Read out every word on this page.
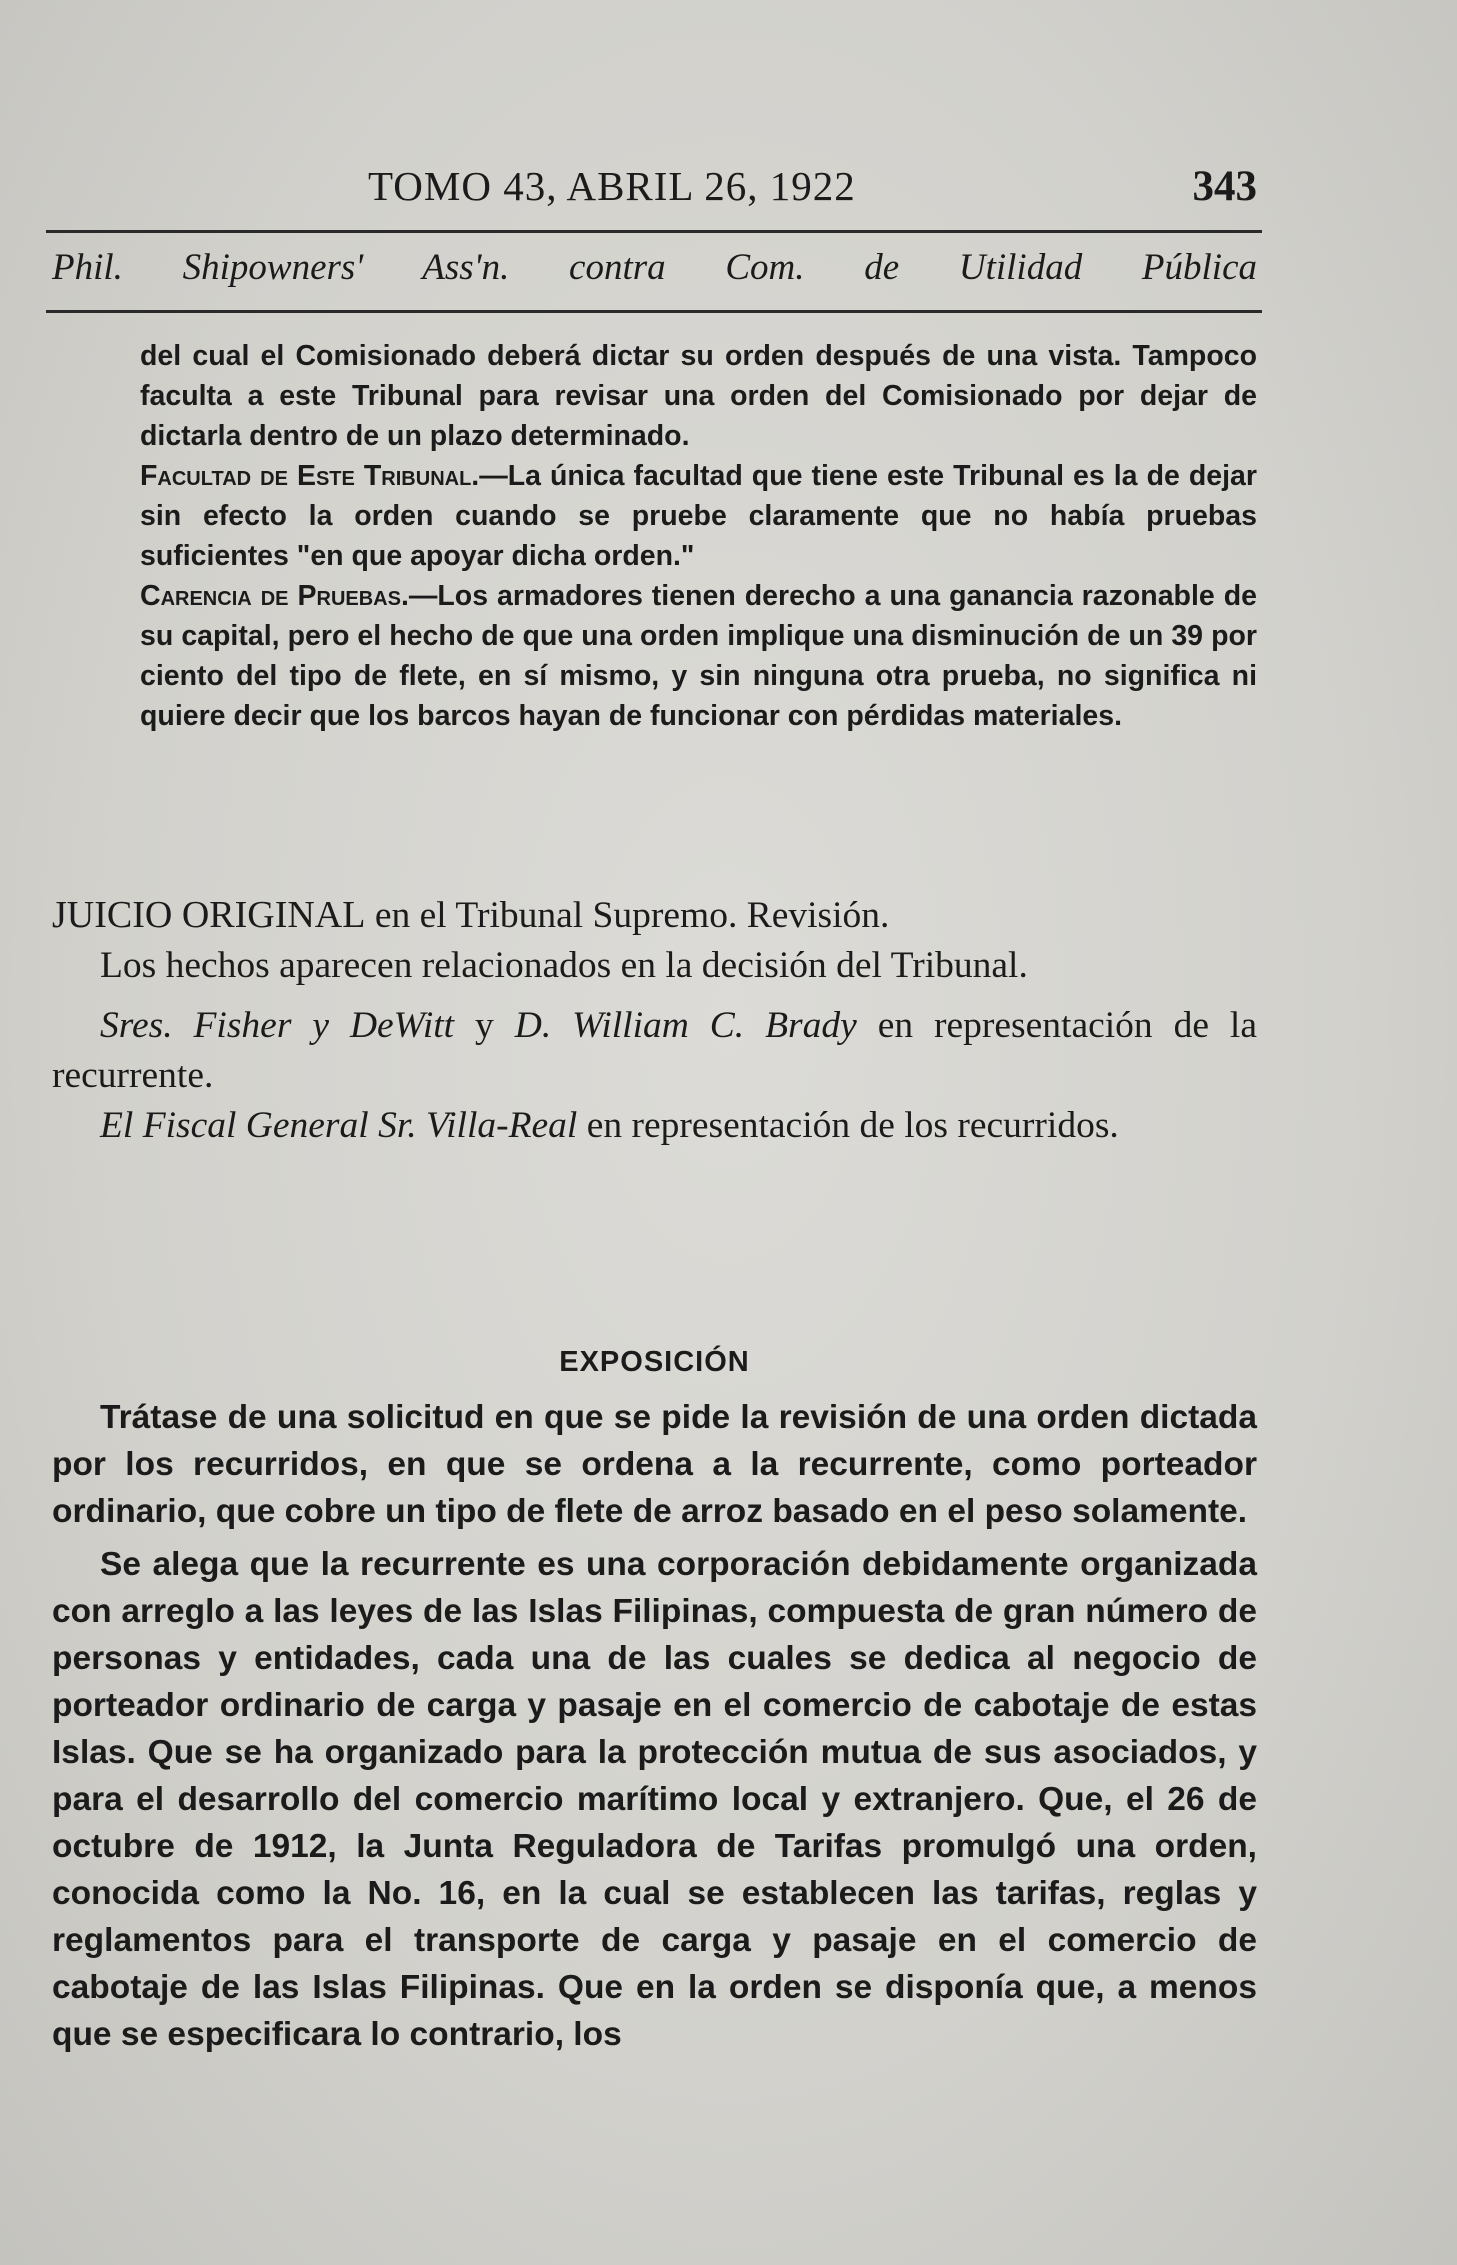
TOMO 43, ABRIL 26, 1922	343
Phil. Shipowners' Ass'n. contra Com. de Utilidad Pública

del cual el Comisionado deberá dictar su orden después de una vista. Tampoco faculta a este Tribunal para revisar una orden del Comisionado por dejar de dictarla dentro de un plazo determinado.

Facultad de Este Tribunal.—La única facultad que tiene este Tribunal es la de dejar sin efecto la orden cuando se pruebe claramente que no había pruebas suficientes "en que apoyar dicha orden."

Carencia de Pruebas.—Los armadores tienen derecho a una ganancia razonable de su capital, pero el hecho de que una orden implique una disminución de un 39 por ciento del tipo de flete, en sí mismo, y sin ninguna otra prueba, no significa ni quiere decir que los barcos hayan de funcionar con pérdidas materiales.

JUICIO ORIGINAL en el Tribunal Supremo. Revisión.

Los hechos aparecen relacionados en la decisión del Tribunal.

Sres. Fisher y DeWitt y D. William C. Brady en representación de la recurrente.

El Fiscal General Sr. Villa-Real en representación de los recurridos.

EXPOSICIÓN

Trátase de una solicitud en que se pide la revisión de una orden dictada por los recurridos, en que se ordena a la recurrente, como porteador ordinario, que cobre un tipo de flete de arroz basado en el peso solamente.

Se alega que la recurrente es una corporación debidamente organizada con arreglo a las leyes de las Islas Filipinas, compuesta de gran número de personas y entidades, cada una de las cuales se dedica al negocio de porteador ordinario de carga y pasaje en el comercio de cabotaje de estas Islas. Que se ha organizado para la protección mutua de sus asociados, y para el desarrollo del comercio marítimo local y extranjero. Que, el 26 de octubre de 1912, la Junta Reguladora de Tarifas promulgó una orden, conocida como la No. 16, en la cual se establecen las tarifas, reglas y reglamentos para el transporte de carga y pasaje en el comercio de cabotaje de las Islas Filipinas. Que en la orden se disponía que, a menos que se especificara lo contrario, los
